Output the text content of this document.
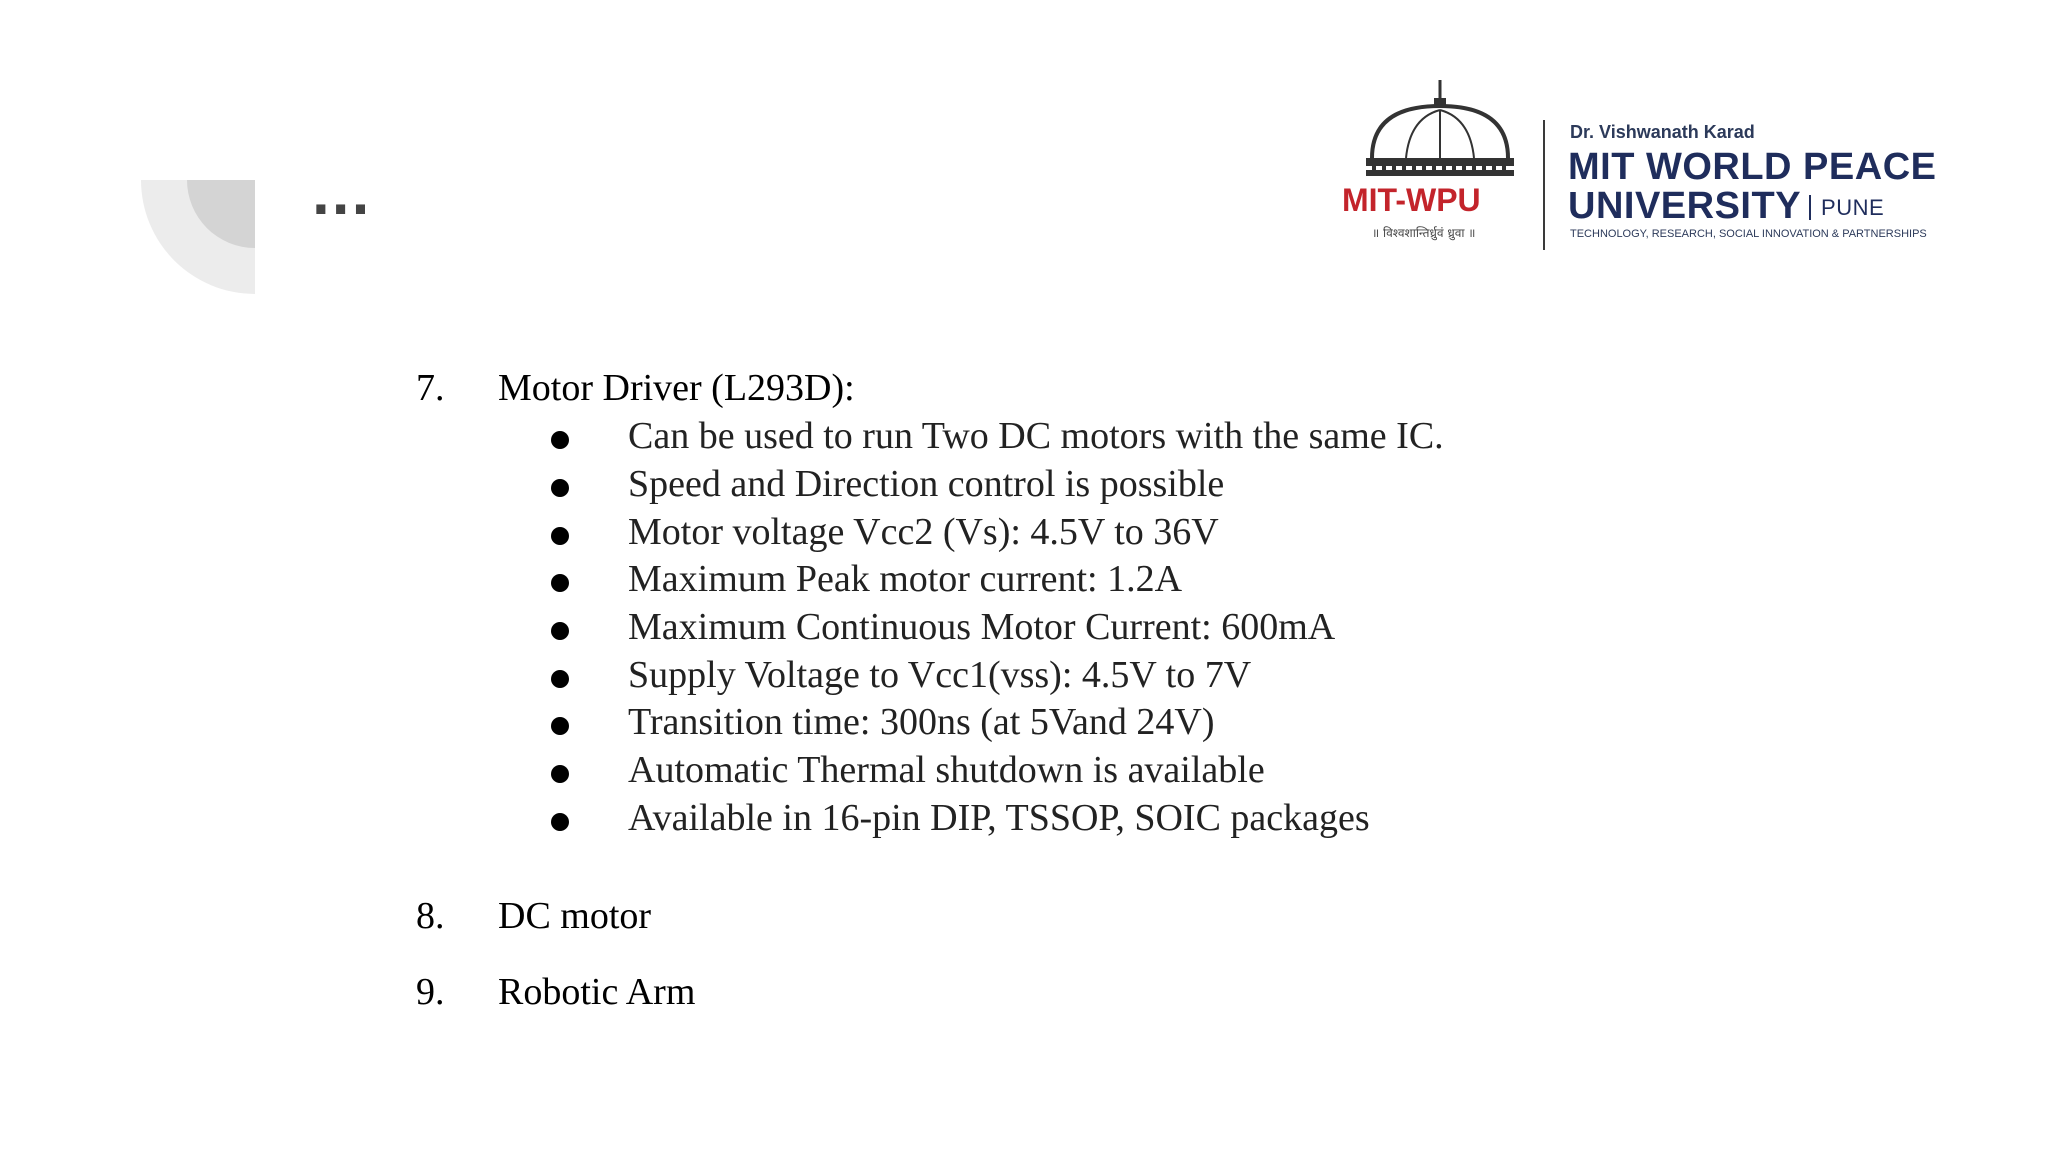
...	MIT-WPU
॥ विश्वशान्तिर्ध्रुवं ध्रुवा ॥
Dr. Vishwanath Karad
MIT WORLD PEACE
UNIVERSITY PUNE
TECHNOLOGY, RESEARCH, SOCIAL INNOVATION & PARTNERSHIPS
7. Motor Driver (L293D):
Can be used to run Two DC motors with the same IC.
Speed and Direction control is possible
Motor voltage Vcc2 (Vs): 4.5V to 36V
Maximum Peak motor current: 1.2A
Maximum Continuous Motor Current: 600mA
Supply Voltage to Vcc1(vss): 4.5V to 7V
Transition time: 300ns (at 5Vand 24V)
Automatic Thermal shutdown is available
Available in 16-pin DIP, TSSOP, SOIC packages
8. DC motor
9. Robotic Arm
